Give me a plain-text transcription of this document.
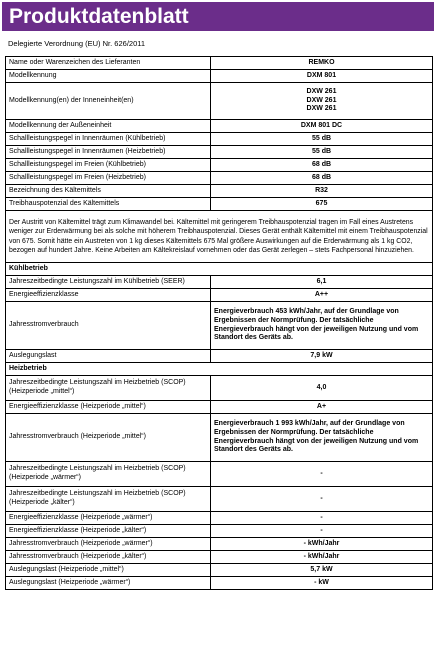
Produktdatenblatt
Delegierte Verordnung (EU) Nr. 626/2011
Name oder Warenzeichen des Lieferanten	REMKO
Modellkennung	DXM 801
Modellkennung(en) der Inneneinheit(en)	DXW 261
DXW 261
DXW 261

Modellkennung der Außeneinheit	DXM 801 DC
Schallleistungspegel in Innenräumen (Kühlbetrieb)	55 dB
Schallleistungspegel in Innenräumen (Heizbetrieb)	55 dB
Schallleistungspegel im Freien (Kühlbetrieb)	68 dB
Schallleistungspegel im Freien (Heizbetrieb)	68 dB
Bezeichnung des Kältemittels	R32
Treibhauspotenzial des Kältemittels	675
Der Austritt von Kältemittel trägt zum Klimawandel bei. Kältemittel mit geringerem Treibhauspotenzial tragen im Fall eines Austretens weniger zur Erderwärmung bei als solche mit höherem Treibhauspotenzial. Dieses Gerät enthält Kältemittel mit einem Treibhauspotenzial von 675. Somit hätte ein Austreten von 1 kg dieses Kältemittels 675 Mal größere Auswirkungen auf die Erderwärmung als 1 kg CO2, bezogen auf hundert Jahre. Keine Arbeiten am Kältekreislauf vornehmen oder das Gerät zerlegen – stets Fachpersonal hinzuziehen.	
Kühlbetrieb	
Jahreszeitbedingte Leistungszahl im Kühlbetrieb (SEER)	6,1
Energieeffizienzklasse	A++
Jahresstromverbrauch	Energieverbrauch 453 kWh/Jahr, auf der Grundlage von Ergebnissen der Normprüfung. Der tatsächliche Energieverbrauch hängt von der jeweiligen Nutzung und vom Standort des Geräts ab.
Auslegungslast	7,9 kW
Heizbetrieb	
Jahreszeitbedingte Leistungszahl im Heizbetrieb (SCOP) (Heizperiode „mittel“)	4,0
Energieeffizienzklasse (Heizperiode „mittel“)	A+
Jahresstromverbrauch (Heizperiode „mittel“)	Energieverbrauch 1 993 kWh/Jahr, auf der Grundlage von Ergebnissen der Normprüfung. Der tatsächliche Energieverbrauch hängt von der jeweiligen Nutzung und vom Standort des Geräts ab.
Jahreszeitbedingte Leistungszahl im Heizbetrieb (SCOP) (Heizperiode „wärmer“)	-
Jahreszeitbedingte Leistungszahl im Heizbetrieb (SCOP) (Heizperiode „kälter“)	-
Energieeffizienzklasse (Heizperiode „wärmer“)	-
Energieeffizienzklasse (Heizperiode „kälter“)	-
Jahresstromverbrauch (Heizperiode „wärmer“)	- kWh/Jahr
Jahresstromverbrauch (Heizperiode „kälter“)	- kWh/Jahr
Auslegungslast (Heizperiode „mittel“)	5,7 kW
Auslegungslast (Heizperiode „wärmer“)	- kW
